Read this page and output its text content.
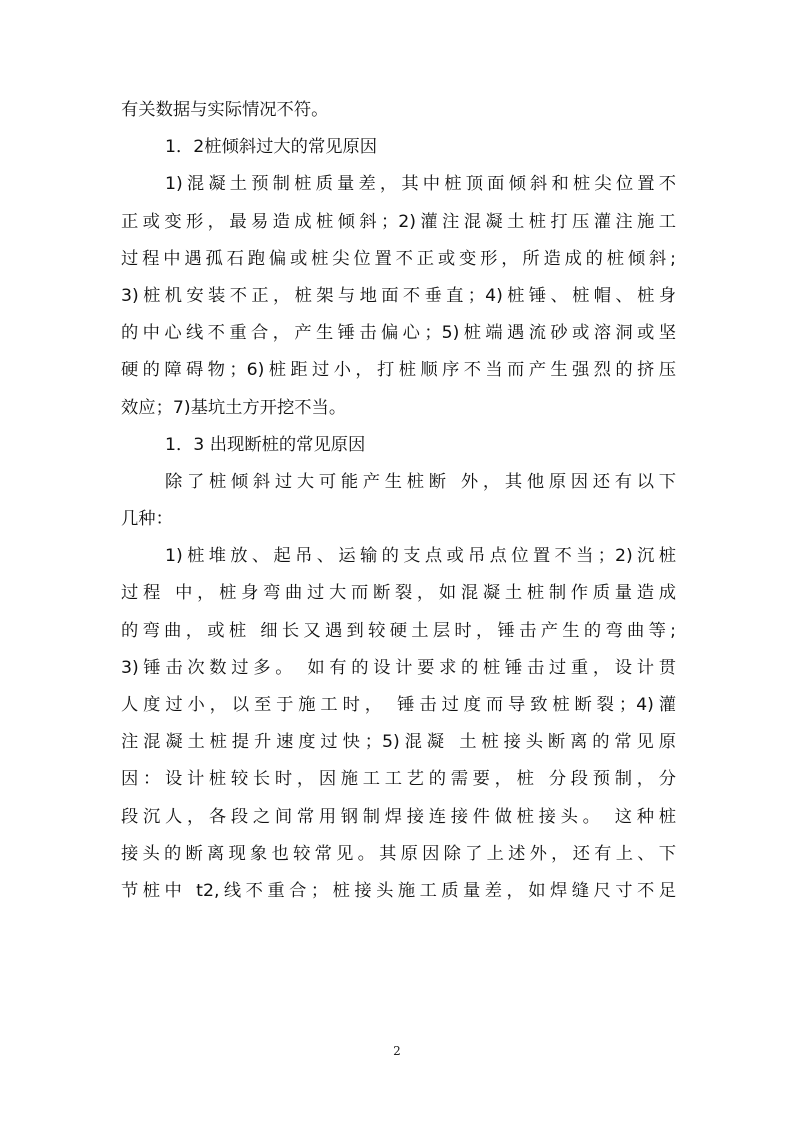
有关数据与实际情况不符。
1．2桩倾斜过大的常见原因
1)混凝土预制桩质量差，其中桩顶面倾斜和桩尖位置不
正或变形，最易造成桩倾斜；2)灌注混凝土桩打压灌注施工
过程中遇孤石跑偏或桩尖位置不正或变形，所造成的桩倾斜;
3)桩机安装不正，桩架与地面不垂直；4)桩锤、桩帽、桩身
的中心线不重合，产生锤击偏心；5)桩端遇流砂或溶洞或坚
硬的障碍物；6)桩距过小，打桩顺序不当而产生强烈的挤压
效应；7)基坑土方开挖不当。
1．3 出现断桩的常见原因
除了桩倾斜过大可能产生桩断 外，其他原因还有以下
几种：
1)桩堆放、起吊、运输的支点或吊点位置不当；2)沉桩
过程 中，桩身弯曲过大而断裂，如混凝土桩制作质量造成
的弯曲，或桩 细长又遇到较硬土层时，锤击产生的弯曲等;
3)锤击次数过多。 如有的设计要求的桩锤击过重，设计贯
人度过小，以至于施工时， 锤击过度而导致桩断裂；4)灌
注混凝土桩提升速度过快；5)混凝 土桩接头断离的常见原
因：设计桩较长时，因施工工艺的需要，桩 分段预制，分
段沉人，各段之间常用钢制焊接连接件做桩接头。 这种桩
接头的断离现象也较常见。其原因除了上述外，还有上、下
节桩中 t2,线不重合；桩接头施工质量差，如焊缝尺寸不足
2
